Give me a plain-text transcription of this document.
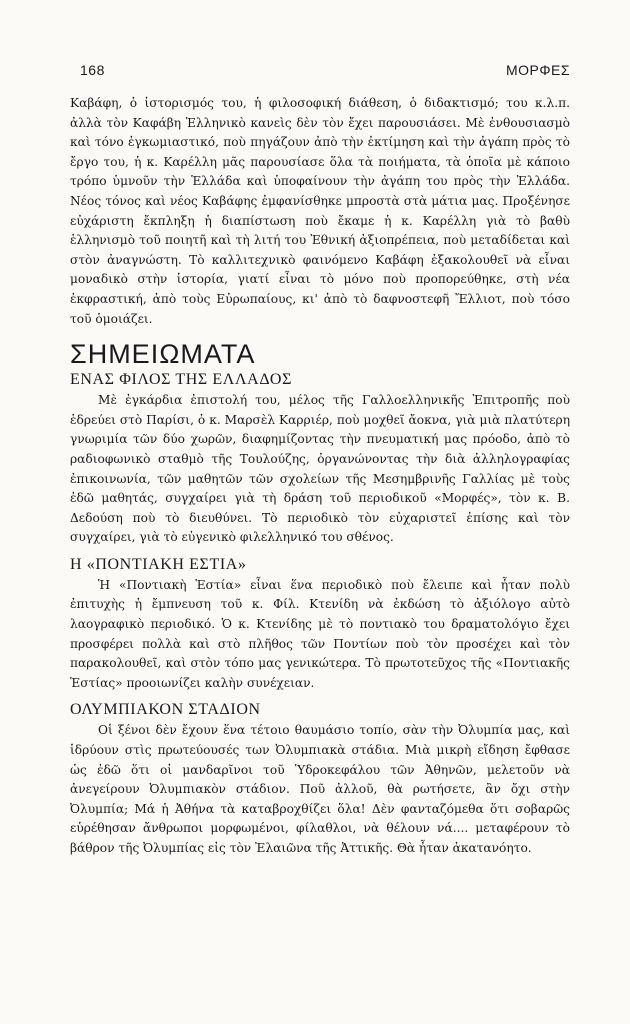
168	ΜΟΡΦΕΣ

Καβάφη, ὁ ἱστορισμός του, ἡ φιλοσοφική διάθεση, ὁ διδακτισμό; του κ.λ.π. ἀλλὰ τὸν Καφάβη Ἑλληνικὸ κανεὶς δὲν τὸν ἔχει παρουσιάσει. Μὲ ἐνθουσιασμὸ καὶ τόνο ἐγκωμιαστικό, ποὺ πηγάζουν ἀπὸ τὴν ἐκτίμηση καὶ τὴν ἀγάπη πρὸς τὸ ἔργο του, ἡ κ. Καρέλλη μᾶς παρουσίασε ὅλα τὰ ποιήματα, τὰ ὁποῖα μὲ κάποιο τρόπο ὑμνοῦν τὴν Ἑλλάδα καὶ ὑποφαίνουν τὴν ἀγάπη του πρὸς τὴν Ἑλλάδα. Νέος τόνος καὶ νέος Καβάφης ἐμφανίσθηκε μπροστὰ στὰ μάτια μας. Προξένησε εὐχάριστη ἔκπληξη ἡ διαπίστωση ποὺ ἔκαμε ἡ κ. Καρέλλη γιὰ τὸ βαθὺ ἑλληνισμὸ τοῦ ποιητῆ καὶ τὴ λιτή του Ἐθνική ἀξιοπρέπεια, ποὺ μεταδίδεται καὶ στὸν ἀναγνώστη. Τὸ καλλιτεχνικὸ φαινόμενο Καβάφη ἐξακολουθεῖ νὰ εἶναι μοναδικὸ στὴν ἱστορία, γιατί εἶναι τὸ μόνο ποὺ προπορεύθηκε, στὴ νέα ἐκφραστική, ἀπὸ τοὺς Εὐρωπαίους, κι' ἀπὸ τὸ δαφνοστεφῆ Ἔλλιοτ, ποὺ τόσο τοῦ ὁμοιάζει.

ΣΗΜΕΙΩΜΑΤΑ
ΕΝΑΣ ΦΙΛΟΣ ΤΗΣ ΕΛΛΑΔΟΣ

Μὲ ἐγκάρδια ἐπιστολή του, μέλος τῆς Γαλλοελληνικῆς Ἐπιτροπῆς ποὺ ἑδρεύει στὸ Παρίσι, ὁ κ. Μαρσὲλ Καρριέρ, ποὺ μοχθεῖ ἄοκνα, γιὰ μιὰ πλατύτερη γνωριμία τῶν δύο χωρῶν, διαφημίζοντας τὴν πνευματική μας πρόοδο, ἀπὸ τὸ ραδιοφωνικὸ σταθμὸ τῆς Τουλούζης, ὀργανώνοντας τὴν διὰ ἀλληλογραφίας ἐπικοινωνία, τῶν μαθητῶν τῶν σχολείων τῆς Μεσημβρινῆς Γαλλίας μὲ τοὺς ἐδῶ μαθητάς, συγχαίρει γιὰ τὴ δράση τοῦ περιοδικοῦ «Μορφές», τὸν κ. Β. Δεδούση ποὺ τὸ διευθύνει. Τὸ περιοδικὸ τὸν εὐχαριστεῖ ἐπίσης καὶ τὸν συγχαίρει, γιὰ τὸ εὐγενικὸ φιλελληνικό του σθένος.

Η «ΠΟΝΤΙΑΚΗ ΕΣΤΙΑ»

Ἡ «Ποντιακὴ Ἑστία» εἶναι ἕνα περιοδικὸ ποὺ ἔλειπε καὶ ἦταν πολὺ ἐπιτυχὴς ἡ ἔμπνευση τοῦ κ. Φίλ. Κτενίδη νὰ ἐκδώση τὸ ἀξιόλογο αὐτὸ λαογραφικὸ περιοδικό. Ὁ κ. Κτενίδης μὲ τὸ ποντιακὸ του δραματολόγιο ἔχει προσφέρει πολλὰ καὶ στὸ πλῆθος τῶν Ποντίων ποὺ τὸν προσέχει καὶ τὸν παρακολουθεῖ, καὶ στὸν τόπο μας γενικώτερα. Τὸ πρωτοτεῦχος τῆς «Ποντιακῆς Ἑστίας» προοιωνίζει καλὴν συνέχειαν.

ΟΛΥΜΠΙΑΚΟΝ ΣΤΑΔΙΟΝ

Οἱ ξένοι δὲν ἔχουν ἕνα τέτοιο θαυμάσιο τοπίο, σὰν τὴν Ὀλυμπία μας, καὶ ἱδρύουν στὶς πρωτεύουσές των Ὀλυμπιακὰ στάδια. Μιὰ μικρὴ εἴδηση ἔφθασε ὡς ἐδῶ ὅτι οἱ μανδαρῖνοι τοῦ Ὑδροκεφάλου τῶν Ἀθηνῶν, μελετοῦν νὰ ἀνεγείρουν Ὀλυμπιακὸν στάδιον. Ποῦ ἀλλοῦ, θὰ ρωτήσετε, ἂν ὄχι στὴν Ὀλυμπία; Μά ἡ Ἀθήνα τὰ καταβροχθίζει ὅλα! Δὲν φανταζόμεθα ὅτι σοβαρῶς εὑρέθησαν ἄνθρωποι μορφωμένοι, φίλαθλοι, νὰ θέλουν νά.... μεταφέρουν τὸ βάθρον τῆς Ὀλυμπίας εἰς τὸν Ἐλαιῶνα τῆς Ἀττικῆς. Θὰ ἦταν ἀκατανόητο.
